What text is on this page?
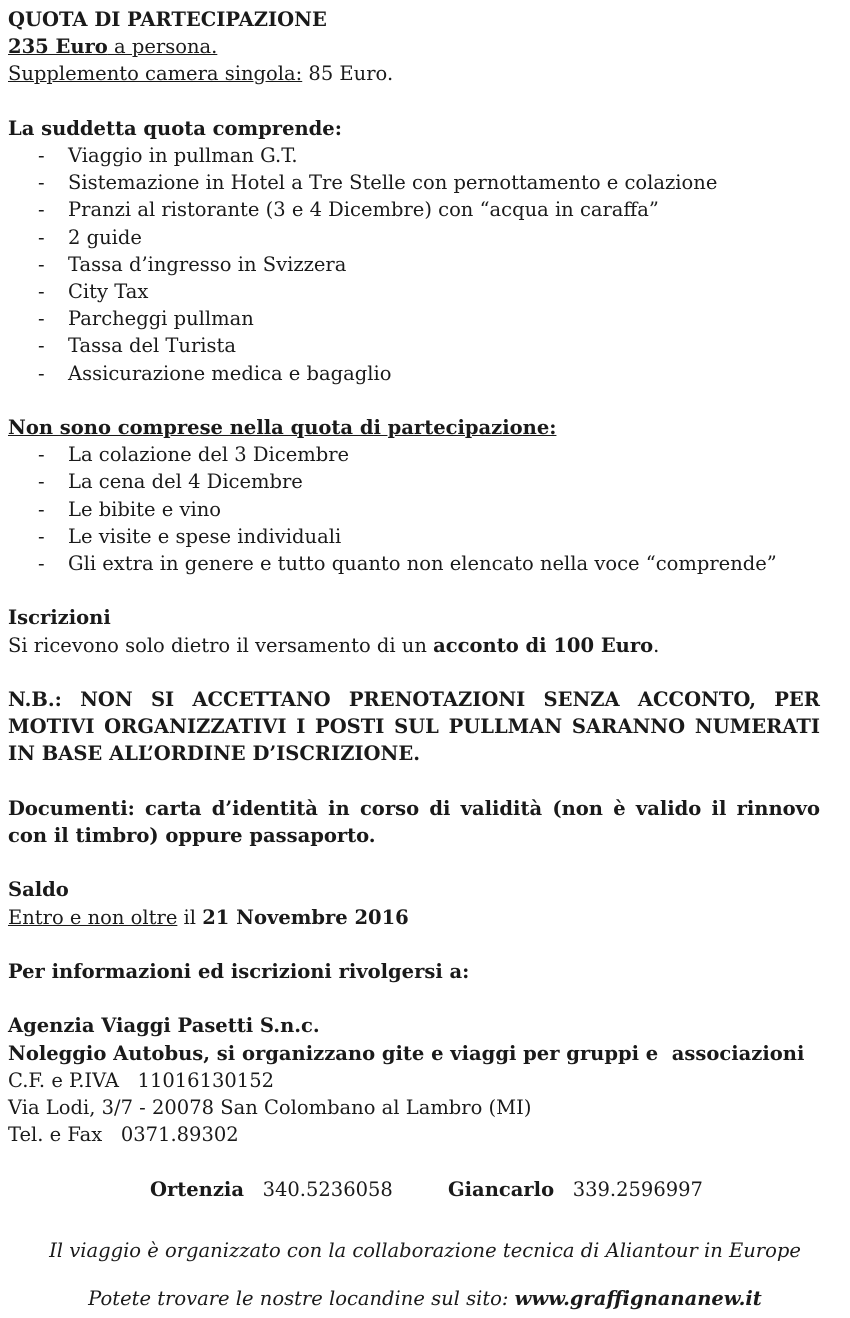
QUOTA DI PARTECIPAZIONE

235 Euro a persona.

Supplemento camera singola: 85 Euro.

La suddetta quota comprende:

- Viaggio in pullman G.T.
- Sistemazione in Hotel a Tre Stelle con pernottamento e colazione
- Pranzi al ristorante (3 e 4 Dicembre) con “acqua in caraffa”
- 2 guide
- Tassa d’ingresso in Svizzera
- City Tax
- Parcheggi pullman
- Tassa del Turista
- Assicurazione medica e bagaglio

Non sono comprese nella quota di partecipazione:

- La colazione del 3 Dicembre
- La cena del 4 Dicembre
- Le bibite e vino
- Le visite e spese individuali
- Gli extra in genere e tutto quanto non elencato nella voce “comprende”

Iscrizioni

Si ricevono solo dietro il versamento di un acconto di 100 Euro.

N.B.: NON SI ACCETTANO PRENOTAZIONI SENZA ACCONTO, PER MOTIVI ORGANIZZATIVI I POSTI SUL PULLMAN SARANNO NUMERATI IN BASE ALL’ORDINE D’ISCRIZIONE.

Documenti: carta d’identità in corso di validità (non è valido il rinnovo con il timbro) oppure passaporto.

Saldo

Entro e non oltre il 21 Novembre 2016

Per informazioni ed iscrizioni rivolgersi a:

Agenzia Viaggi Pasetti S.n.c.

Noleggio Autobus, si organizzano gite e viaggi per gruppi e  associazioni

C.F. e P.IVA   11016130152

Via Lodi, 3/7 - 20078 San Colombano al Lambro (MI)

Tel. e Fax   0371.89302

Ortenzia 340.5236058	Giancarlo 339.2596997

Il viaggio è organizzato con la collaborazione tecnica di Aliantour in Europe

Potete trovare le nostre locandine sul sito: www.graffignananew.it
